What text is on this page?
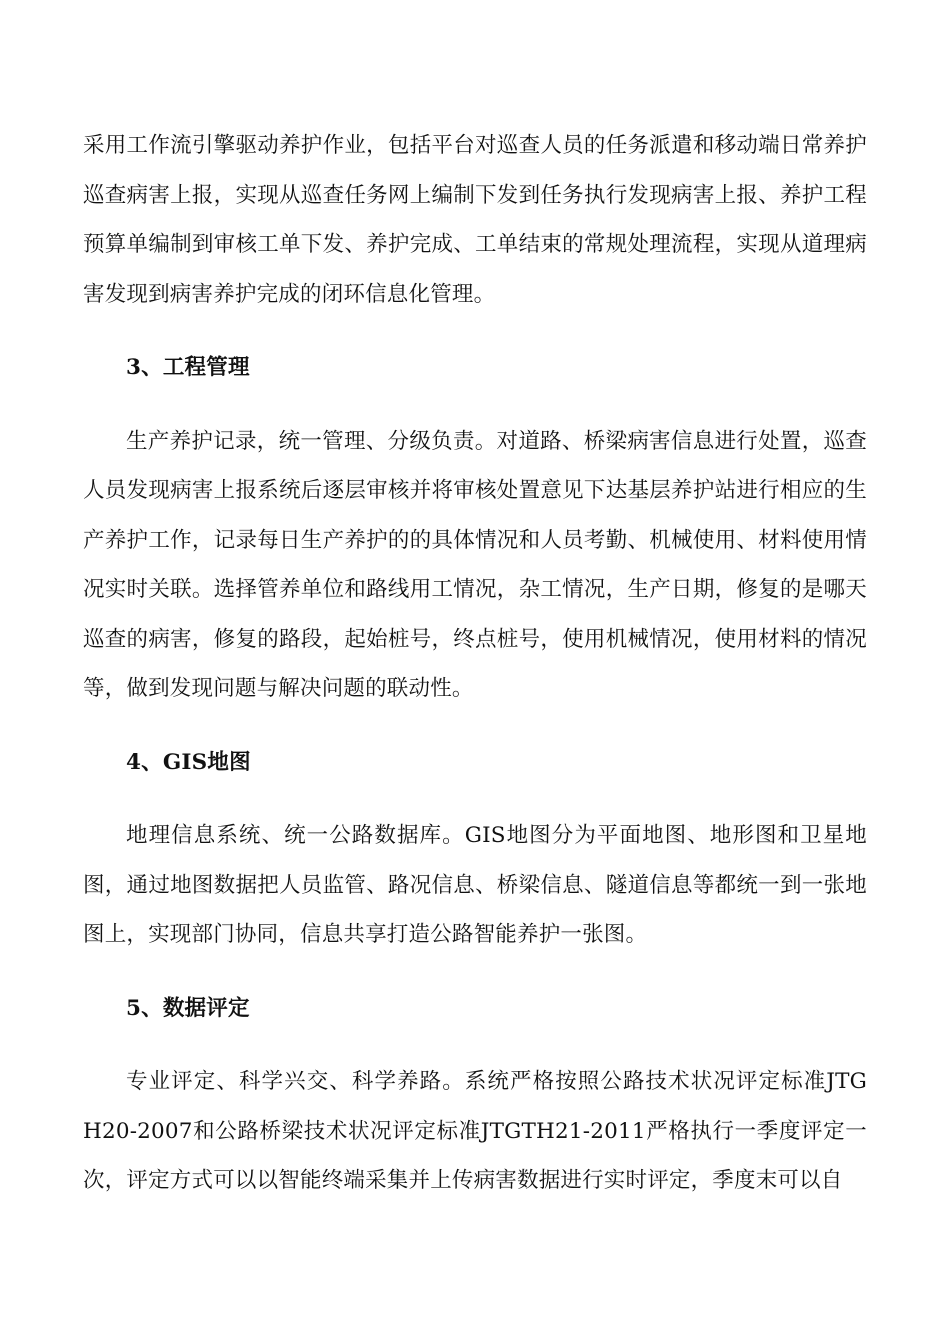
采用工作流引擎驱动养护作业，包括平台对巡查人员的任务派遣和移动端日常养护巡查病害上报，实现从巡查任务网上编制下发到任务执行发现病害上报、养护工程预算单编制到审核工单下发、养护完成、工单结束的常规处理流程，实现从道理病害发现到病害养护完成的闭环信息化管理。

3、工程管理

生产养护记录，统一管理、分级负责。对道路、桥梁病害信息进行处置，巡查人员发现病害上报系统后逐层审核并将审核处置意见下达基层养护站进行相应的生产养护工作，记录每日生产养护的的具体情况和人员考勤、机械使用、材料使用情况实时关联。选择管养单位和路线用工情况，杂工情况，生产日期，修复的是哪天巡查的病害，修复的路段，起始桩号，终点桩号，使用机械情况，使用材料的情况等，做到发现问题与解决问题的联动性。

4、GIS地图

地理信息系统、统一公路数据库。GIS地图分为平面地图、地形图和卫星地图，通过地图数据把人员监管、路况信息、桥梁信息、隧道信息等都统一到一张地图上，实现部门协同，信息共享打造公路智能养护一张图。

5、数据评定

专业评定、科学兴交、科学养路。系统严格按照公路技术状况评定标准JTG H20-2007和公路桥梁技术状况评定标准JTGTH21-2011严格执行一季度评定一次，评定方式可以以智能终端采集并上传病害数据进行实时评定，季度末可以自
